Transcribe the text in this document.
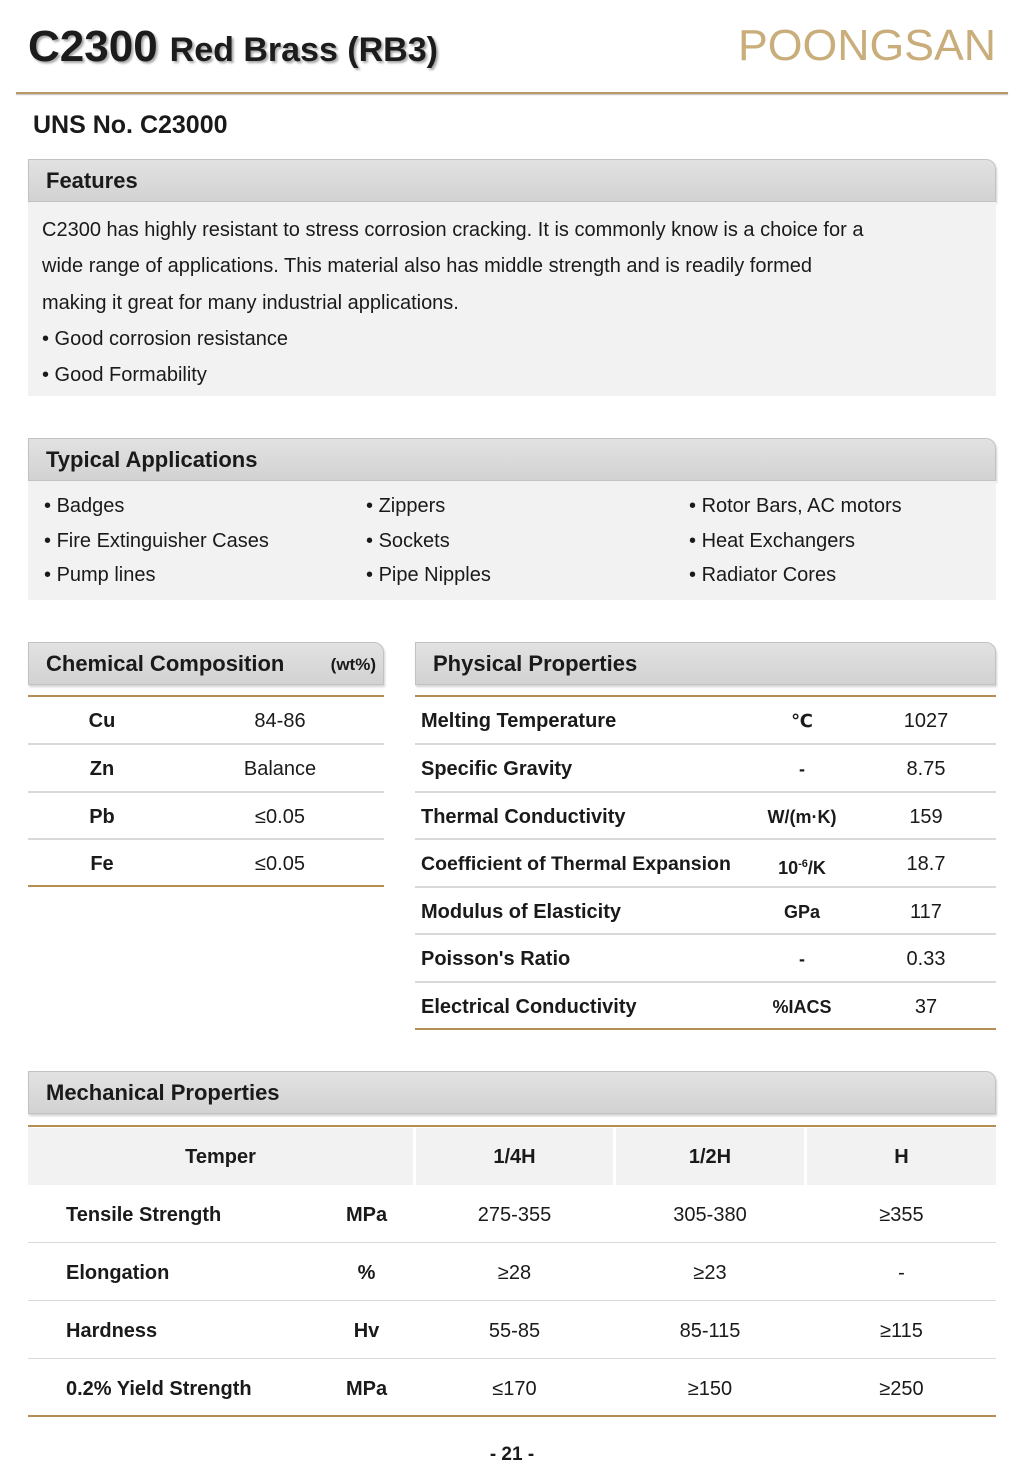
C2300 Red Brass (RB3)	POONGSAN
UNS No. C23000
Features
C2300 has highly resistant to stress corrosion cracking. It is commonly know is a choice for a
wide range of applications. This material also has middle strength and is readily formed
making it great for many industrial applications.
• Good corrosion resistance
• Good Formability
Typical Applications
• Badges
• Fire Extinguisher Cases
• Pump lines
• Zippers
• Sockets
• Pipe Nipples
• Rotor Bars, AC motors
• Heat Exchangers
• Radiator Cores
Chemical Composition	(wt%)
Cu	84-86
Zn	Balance
Pb	≤0.05
Fe	≤0.05
Physical Properties
Melting Temperature	℃	1027
Specific Gravity	-	8.75
Thermal Conductivity	W/(m·K)	159
Coefficient of Thermal Expansion	$10^{-6}/K$	18.7
Modulus of Elasticity	GPa	117
Poisson's Ratio	-	0.33
Electrical Conductivity	%IACS	37
Mechanical Properties
Temper	1/4H	1/2H	H
Tensile Strength	MPa	275-355	305-380	≥355
Elongation	%	≥28	≥23	-
Hardness	Hv	55-85	85-115	≥115
0.2% Yield Strength	MPa	≤170	≥150	≥250
- 21 -
